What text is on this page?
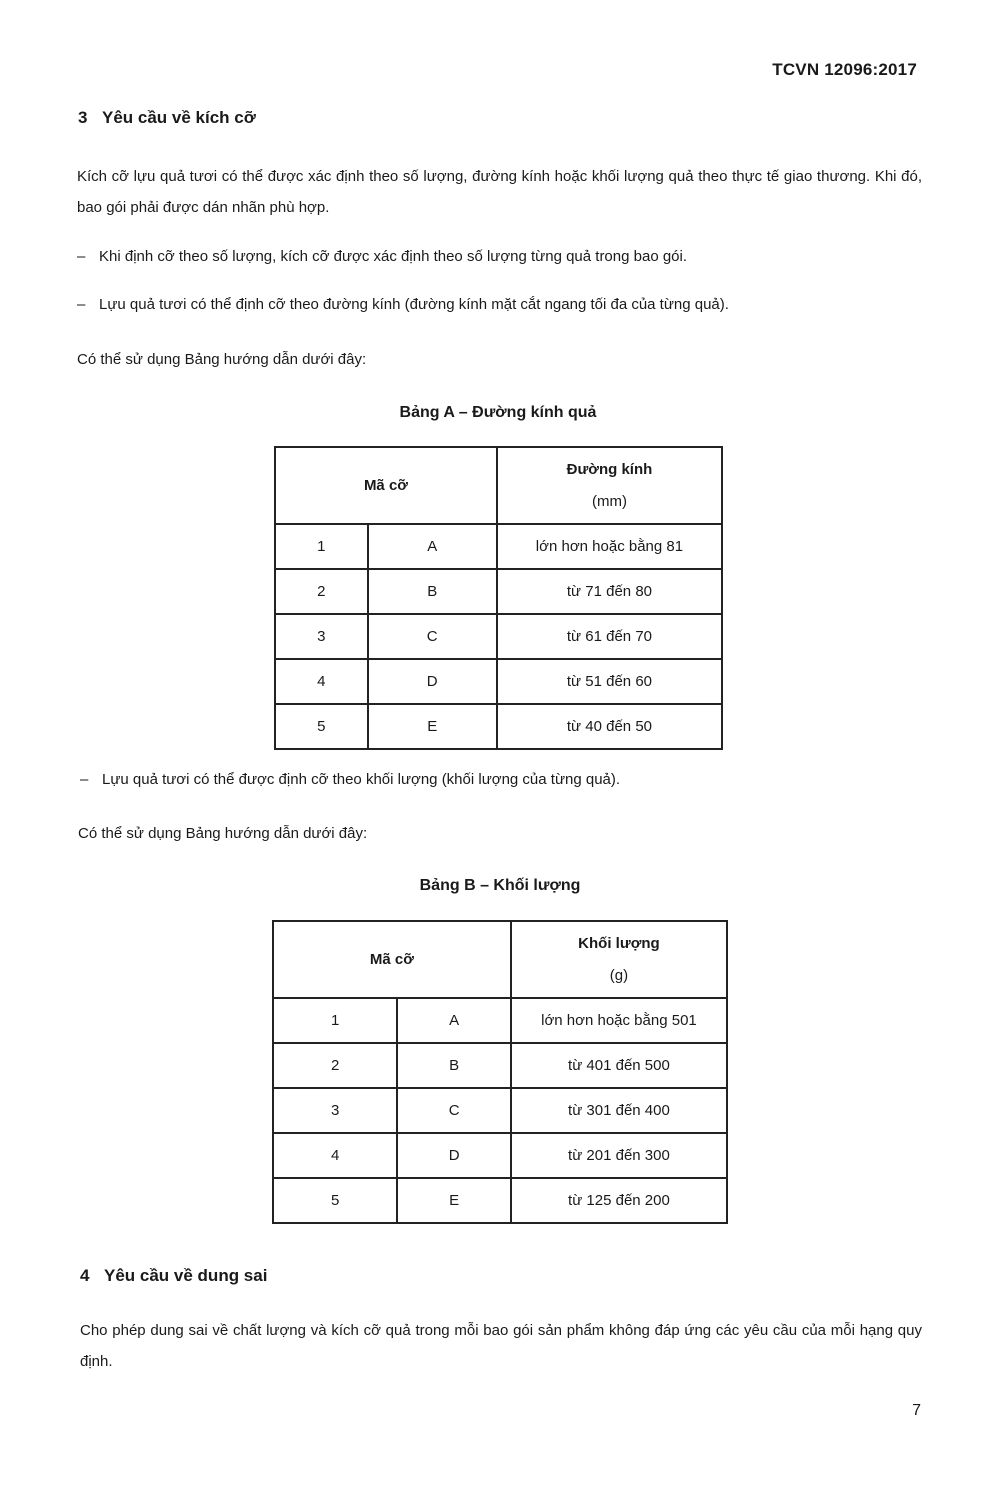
TCVN 12096:2017
3 Yêu cầu về kích cỡ
Kích cỡ lựu quả tươi có thể được xác định theo số lượng, đường kính hoặc khối lượng quả theo thực tế giao thương. Khi đó, bao gói phải được dán nhãn phù hợp.
– Khi định cỡ theo số lượng, kích cỡ được xác định theo số lượng từng quả trong bao gói.
– Lựu quả tươi có thể định cỡ theo đường kính (đường kính mặt cắt ngang tối đa của từng quả).
Có thể sử dụng Bảng hướng dẫn dưới đây:
Bảng A – Đường kính quả
Mã cỡ		Đường kính
(mm)

1	A	lớn hơn hoặc bằng 81
2	B	từ 71 đến 80
3	C	từ 61 đến 70
4	D	từ 51 đến 60
5	E	từ 40 đến 50
– Lựu quả tươi có thể được định cỡ theo khối lượng (khối lượng của từng quả).
Có thể sử dụng Bảng hướng dẫn dưới đây:
Bảng B – Khối lượng
Mã cỡ		Khối lượng
(g)

1	A	lớn hơn hoặc bằng 501
2	B	từ 401 đến 500
3	C	từ 301 đến 400
4	D	từ 201 đến 300
5	E	từ 125 đến 200
4 Yêu cầu về dung sai
Cho phép dung sai về chất lượng và kích cỡ quả trong mỗi bao gói sản phẩm không đáp ứng các yêu cầu của mỗi hạng quy định.
7
